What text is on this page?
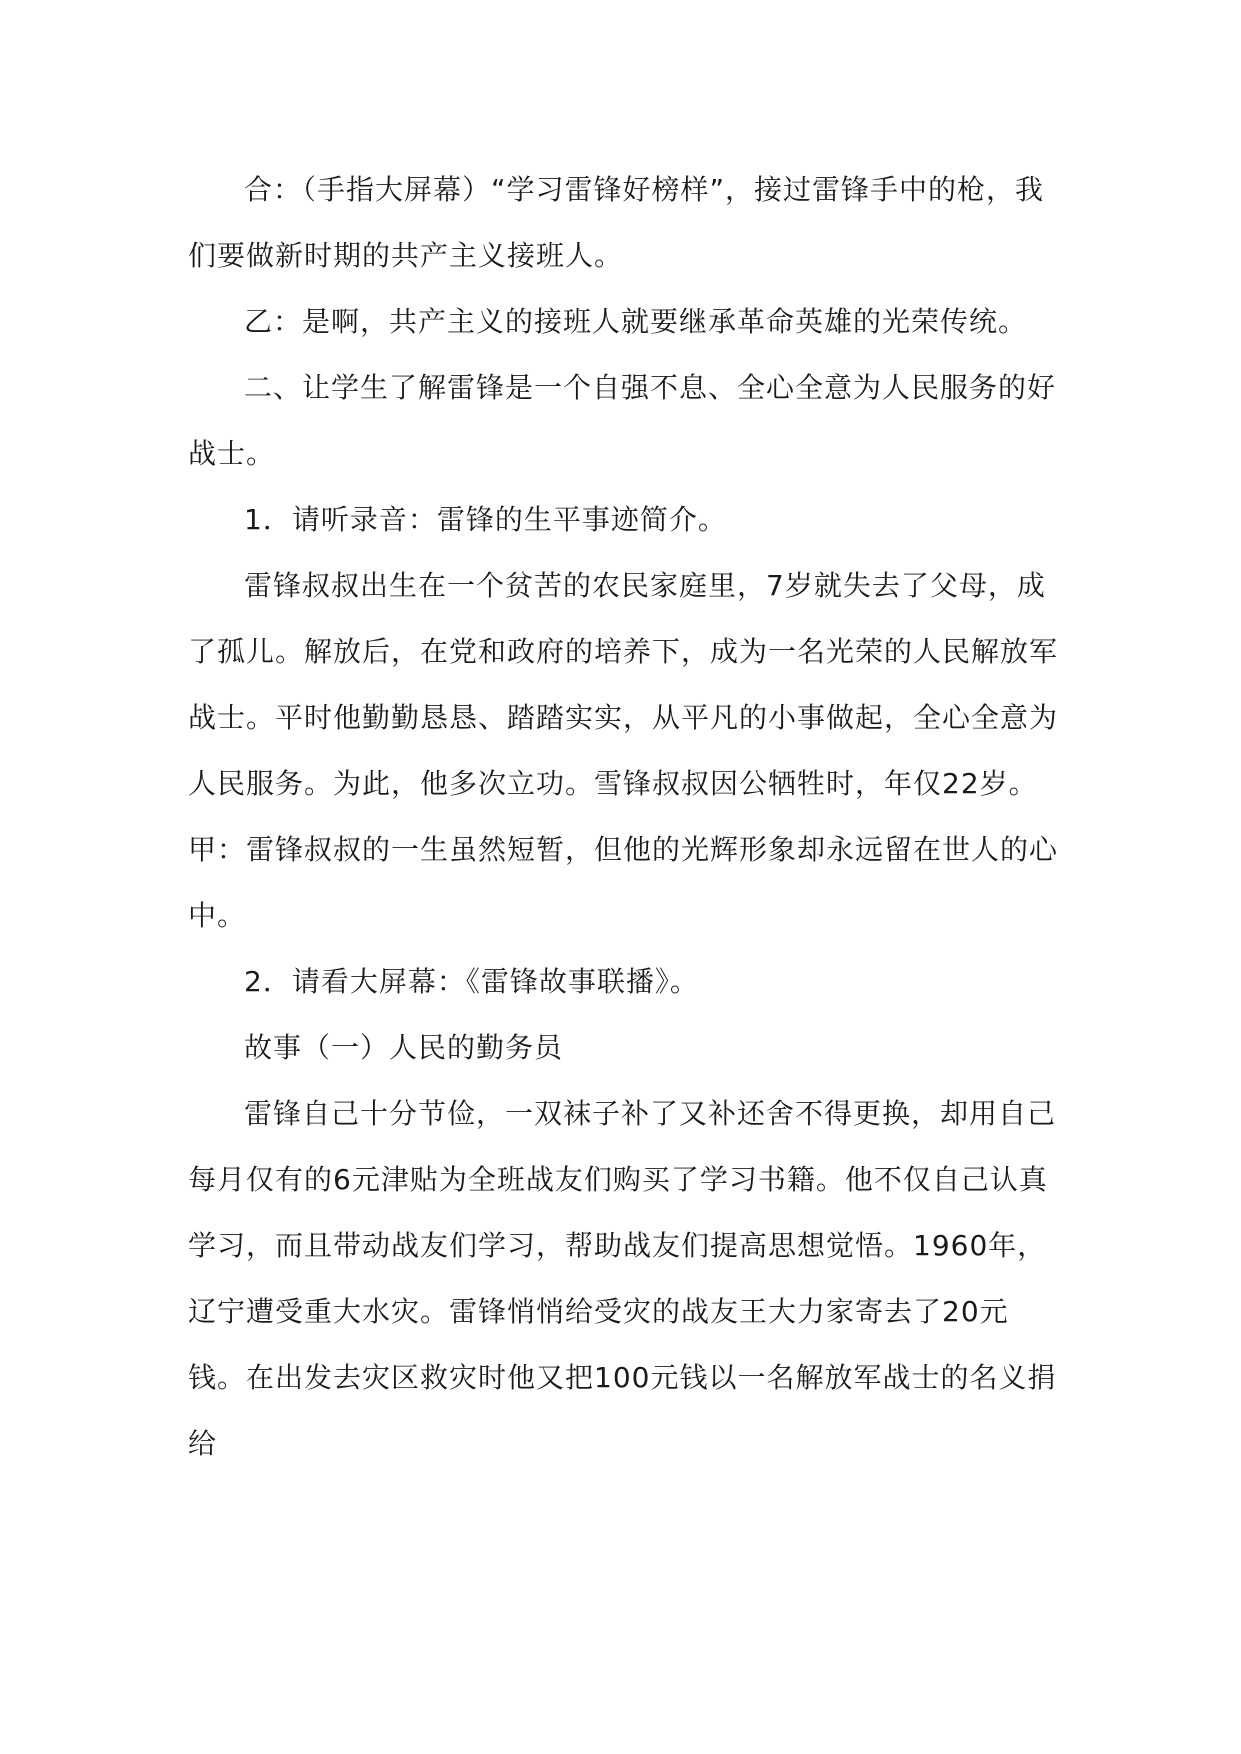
合：（手指大屏幕）“学习雷锋好榜样”，接过雷锋手中的枪，我们要做新时期的共产主义接班人。

乙：是啊，共产主义的接班人就要继承革命英雄的光荣传统。

二、让学生了解雷锋是一个自强不息、全心全意为人民服务的好战士。

1．请听录音：雷锋的生平事迹简介。

雷锋叔叔出生在一个贫苦的农民家庭里，7岁就失去了父母，成了孤儿。解放后，在党和政府的培养下，成为一名光荣的人民解放军战士。平时他勤勤恳恳、踏踏实实，从平凡的小事做起，全心全意为人民服务。为此，他多次立功。雪锋叔叔因公牺牲时，年仅22岁。

甲：雷锋叔叔的一生虽然短暂，但他的光辉形象却永远留在世人的心中。

2．请看大屏幕：《雷锋故事联播》。

故事（一）人民的勤务员

雷锋自己十分节俭，一双袜子补了又补还舍不得更换，却用自己每月仅有的6元津贴为全班战友们购买了学习书籍。他不仅自己认真学习，而且带动战友们学习，帮助战友们提高思想觉悟。1960年，辽宁遭受重大水灾。雷锋悄悄给受灾的战友王大力家寄去了20元钱。在出发去灾区救灾时他又把100元钱以一名解放军战士的名义捐给
